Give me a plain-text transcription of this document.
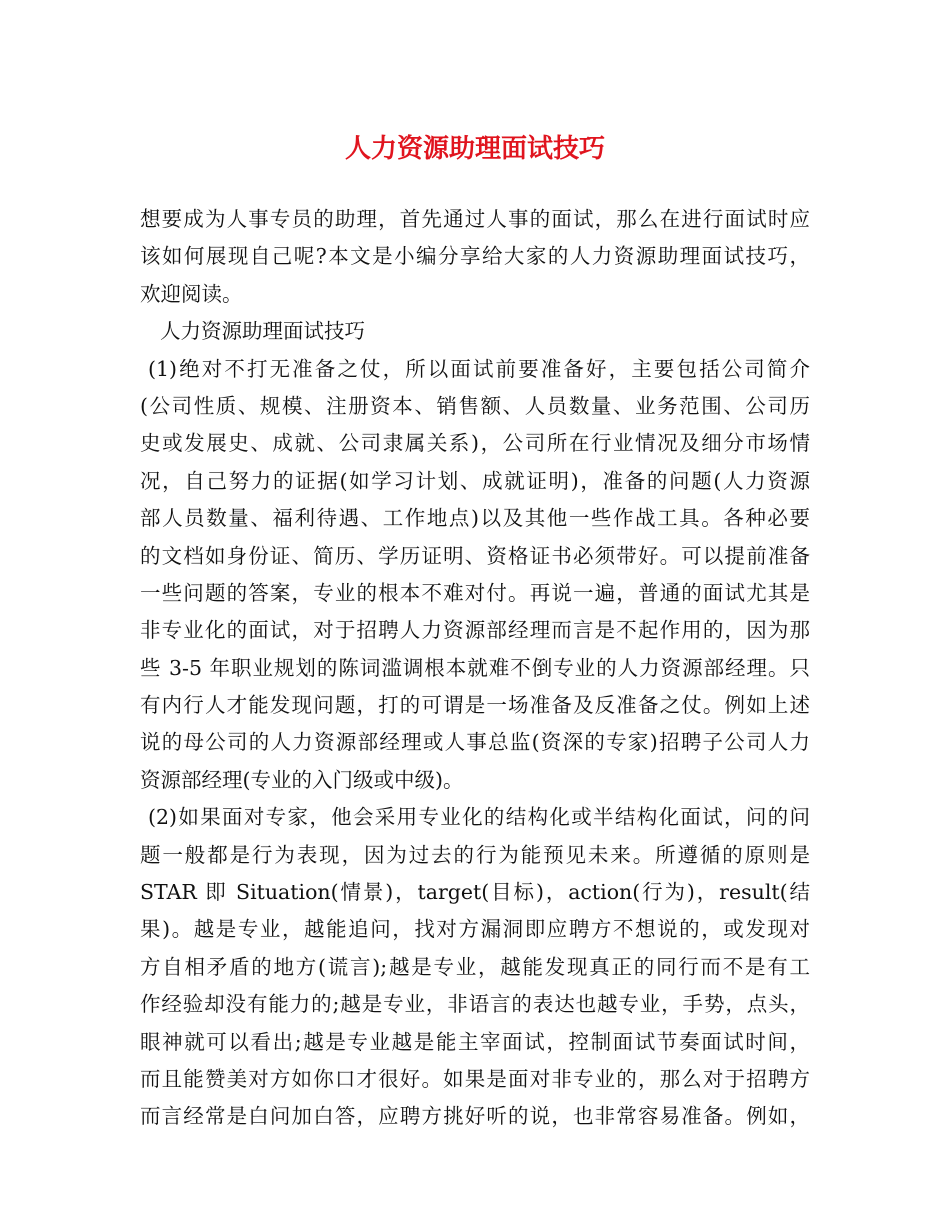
人力资源助理面试技巧
想要成为人事专员的助理，首先通过人事的面试，那么在进行面试时应
该如何展现自己呢?本文是小编分享给大家的人力资源助理面试技巧，
欢迎阅读。
人力资源助理面试技巧
(1)绝对不打无准备之仗，所以面试前要准备好，主要包括公司简介
(公司性质、规模、注册资本、销售额、人员数量、业务范围、公司历
史或发展史、成就、公司隶属关系)，公司所在行业情况及细分市场情
况，自己努力的证据(如学习计划、成就证明)，准备的问题(人力资源
部人员数量、福利待遇、工作地点)以及其他一些作战工具。各种必要
的文档如身份证、简历、学历证明、资格证书必须带好。可以提前准备
一些问题的答案，专业的根本不难对付。再说一遍，普通的面试尤其是
非专业化的面试，对于招聘人力资源部经理而言是不起作用的，因为那
些 3-5 年职业规划的陈词滥调根本就难不倒专业的人力资源部经理。只
有内行人才能发现问题，打的可谓是一场准备及反准备之仗。例如上述
说的母公司的人力资源部经理或人事总监(资深的专家)招聘子公司人力
资源部经理(专业的入门级或中级)。
(2)如果面对专家，他会采用专业化的结构化或半结构化面试，问的问
题一般都是行为表现，因为过去的行为能预见未来。所遵循的原则是
STAR 即 Situation(情景)，target(目标)，action(行为)，result(结
果)。越是专业，越能追问，找对方漏洞即应聘方不想说的，或发现对
方自相矛盾的地方(谎言);越是专业，越能发现真正的同行而不是有工
作经验却没有能力的;越是专业，非语言的表达也越专业，手势，点头，
眼神就可以看出;越是专业越是能主宰面试，控制面试节奏面试时间，
而且能赞美对方如你口才很好。如果是面对非专业的，那么对于招聘方
而言经常是白问加白答，应聘方挑好听的说，也非常容易准备。例如，
